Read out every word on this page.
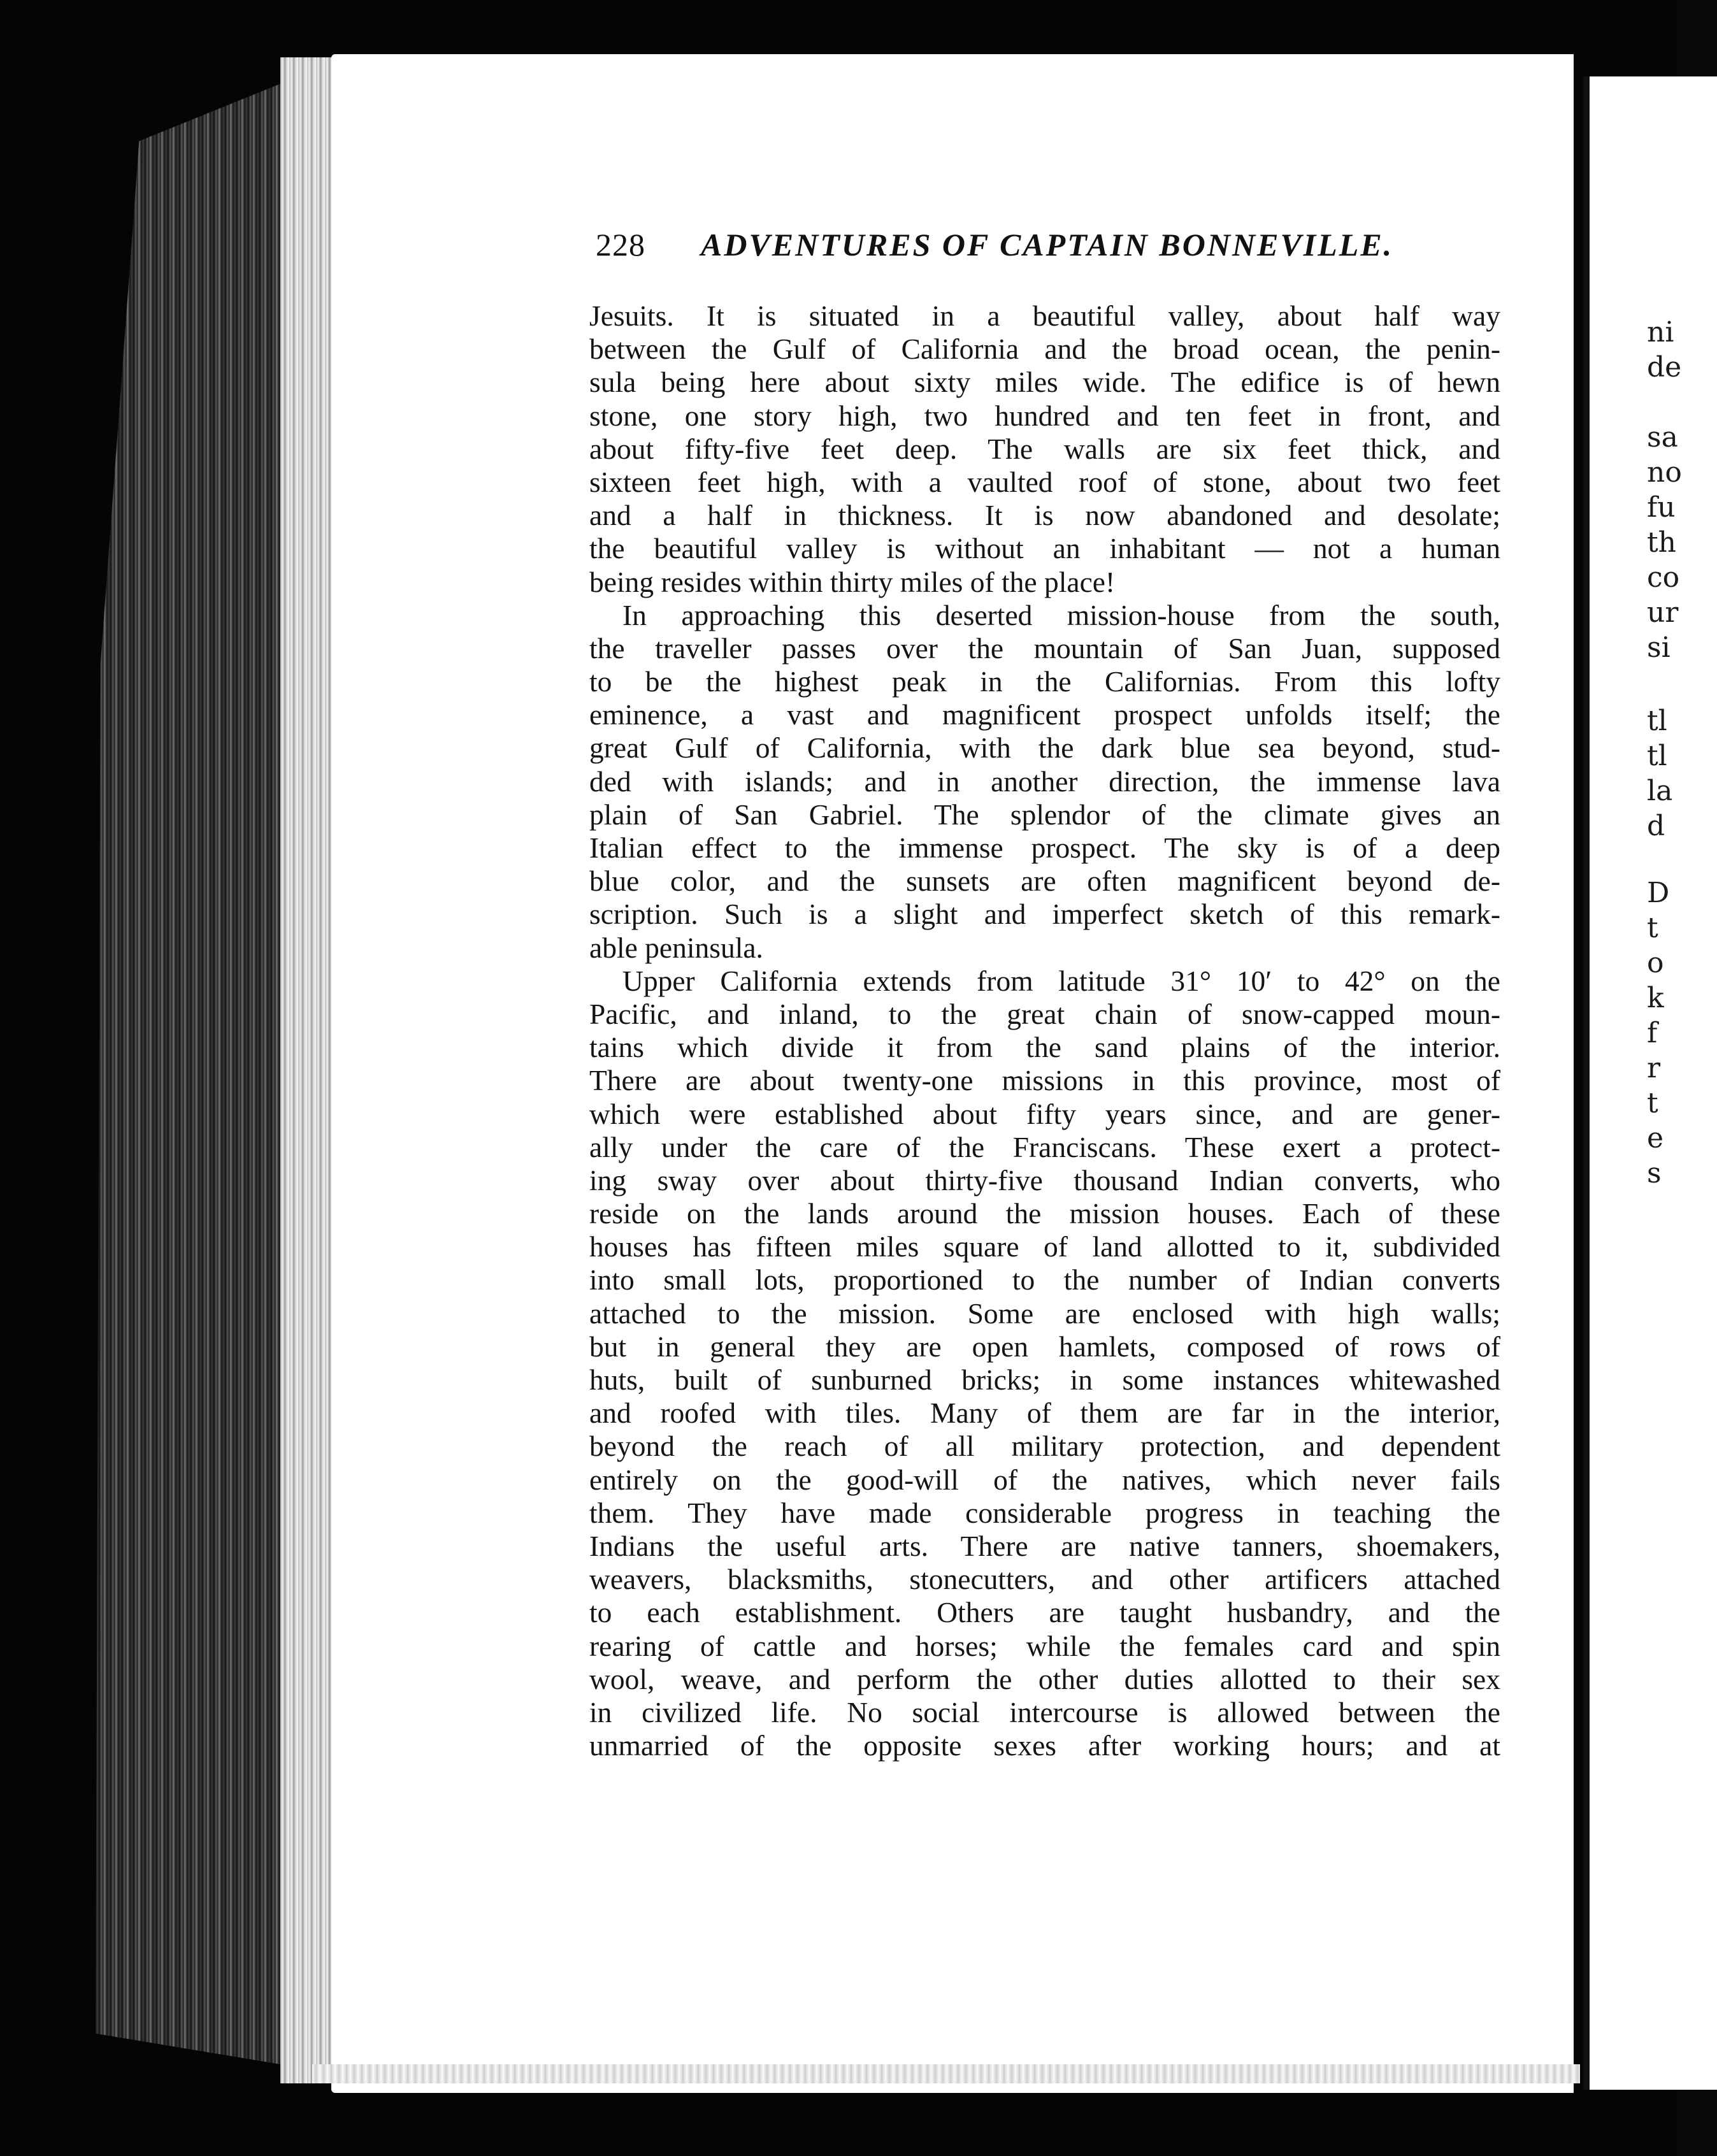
ni
de
sa
no
fu
th
co
ur
si
tl
tl
la
d
D
t
o
k
f
r
t
e
s
228 ADVENTURES OF CAPTAIN BONNEVILLE.
Jesuits. It is situated in a beautiful valley, about half way
between the Gulf of California and the broad ocean, the penin-
sula being here about sixty miles wide. The edifice is of hewn
stone, one story high, two hundred and ten feet in front, and
about fifty-five feet deep. The walls are six feet thick, and
sixteen feet high, with a vaulted roof of stone, about two feet
and a half in thickness. It is now abandoned and desolate;
the beautiful valley is without an inhabitant — not a human
being resides within thirty miles of the place!
In approaching this deserted mission-house from the south,
the traveller passes over the mountain of San Juan, supposed
to be the highest peak in the Californias. From this lofty
eminence, a vast and magnificent prospect unfolds itself; the
great Gulf of California, with the dark blue sea beyond, stud-
ded with islands; and in another direction, the immense lava
plain of San Gabriel. The splendor of the climate gives an
Italian effect to the immense prospect. The sky is of a deep
blue color, and the sunsets are often magnificent beyond de-
scription. Such is a slight and imperfect sketch of this remark-
able peninsula.
Upper California extends from latitude 31° 10′ to 42° on the
Pacific, and inland, to the great chain of snow-capped moun-
tains which divide it from the sand plains of the interior.
There are about twenty-one missions in this province, most of
which were established about fifty years since, and are gener-
ally under the care of the Franciscans. These exert a protect-
ing sway over about thirty-five thousand Indian converts, who
reside on the lands around the mission houses. Each of these
houses has fifteen miles square of land allotted to it, subdivided
into small lots, proportioned to the number of Indian converts
attached to the mission. Some are enclosed with high walls;
but in general they are open hamlets, composed of rows of
huts, built of sunburned bricks; in some instances whitewashed
and roofed with tiles. Many of them are far in the interior,
beyond the reach of all military protection, and dependent
entirely on the good-will of the natives, which never fails
them. They have made considerable progress in teaching the
Indians the useful arts. There are native tanners, shoemakers,
weavers, blacksmiths, stonecutters, and other artificers attached
to each establishment. Others are taught husbandry, and the
rearing of cattle and horses; while the females card and spin
wool, weave, and perform the other duties allotted to their sex
in civilized life. No social intercourse is allowed between the
unmarried of the opposite sexes after working hours; and at
